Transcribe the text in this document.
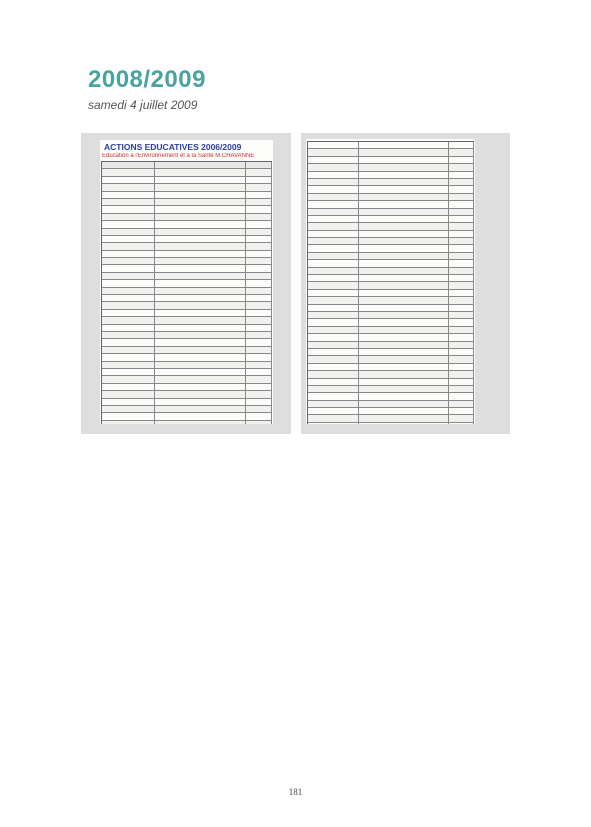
2008/2009
samedi 4 juillet 2009
ACTIONS EDUCATIVES 2006/2009
Education à l'Environnement et à la Santé M.CHAVANNE
181
